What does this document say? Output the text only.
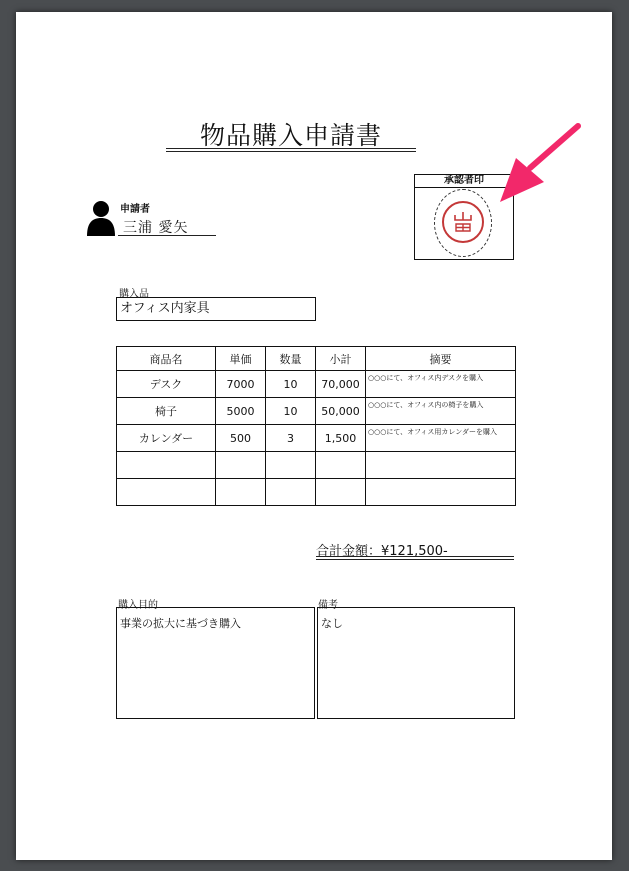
物品購入申請書
申請者
三浦 愛矢
承認者印
購入品
オフィス内家具
商品名	単価	数量	小計	摘要
デスク	7000	10	70,000	○○○にて、オフィス内デスクを購入
椅子	5000	10	50,000	○○○にて、オフィス内の椅子を購入
カレンダー	500	3	1,500	○○○にて、オフィス用カレンダーを購入

合計金額：¥121,500-
購入目的	備考
事業の拡大に基づき購入	なし
